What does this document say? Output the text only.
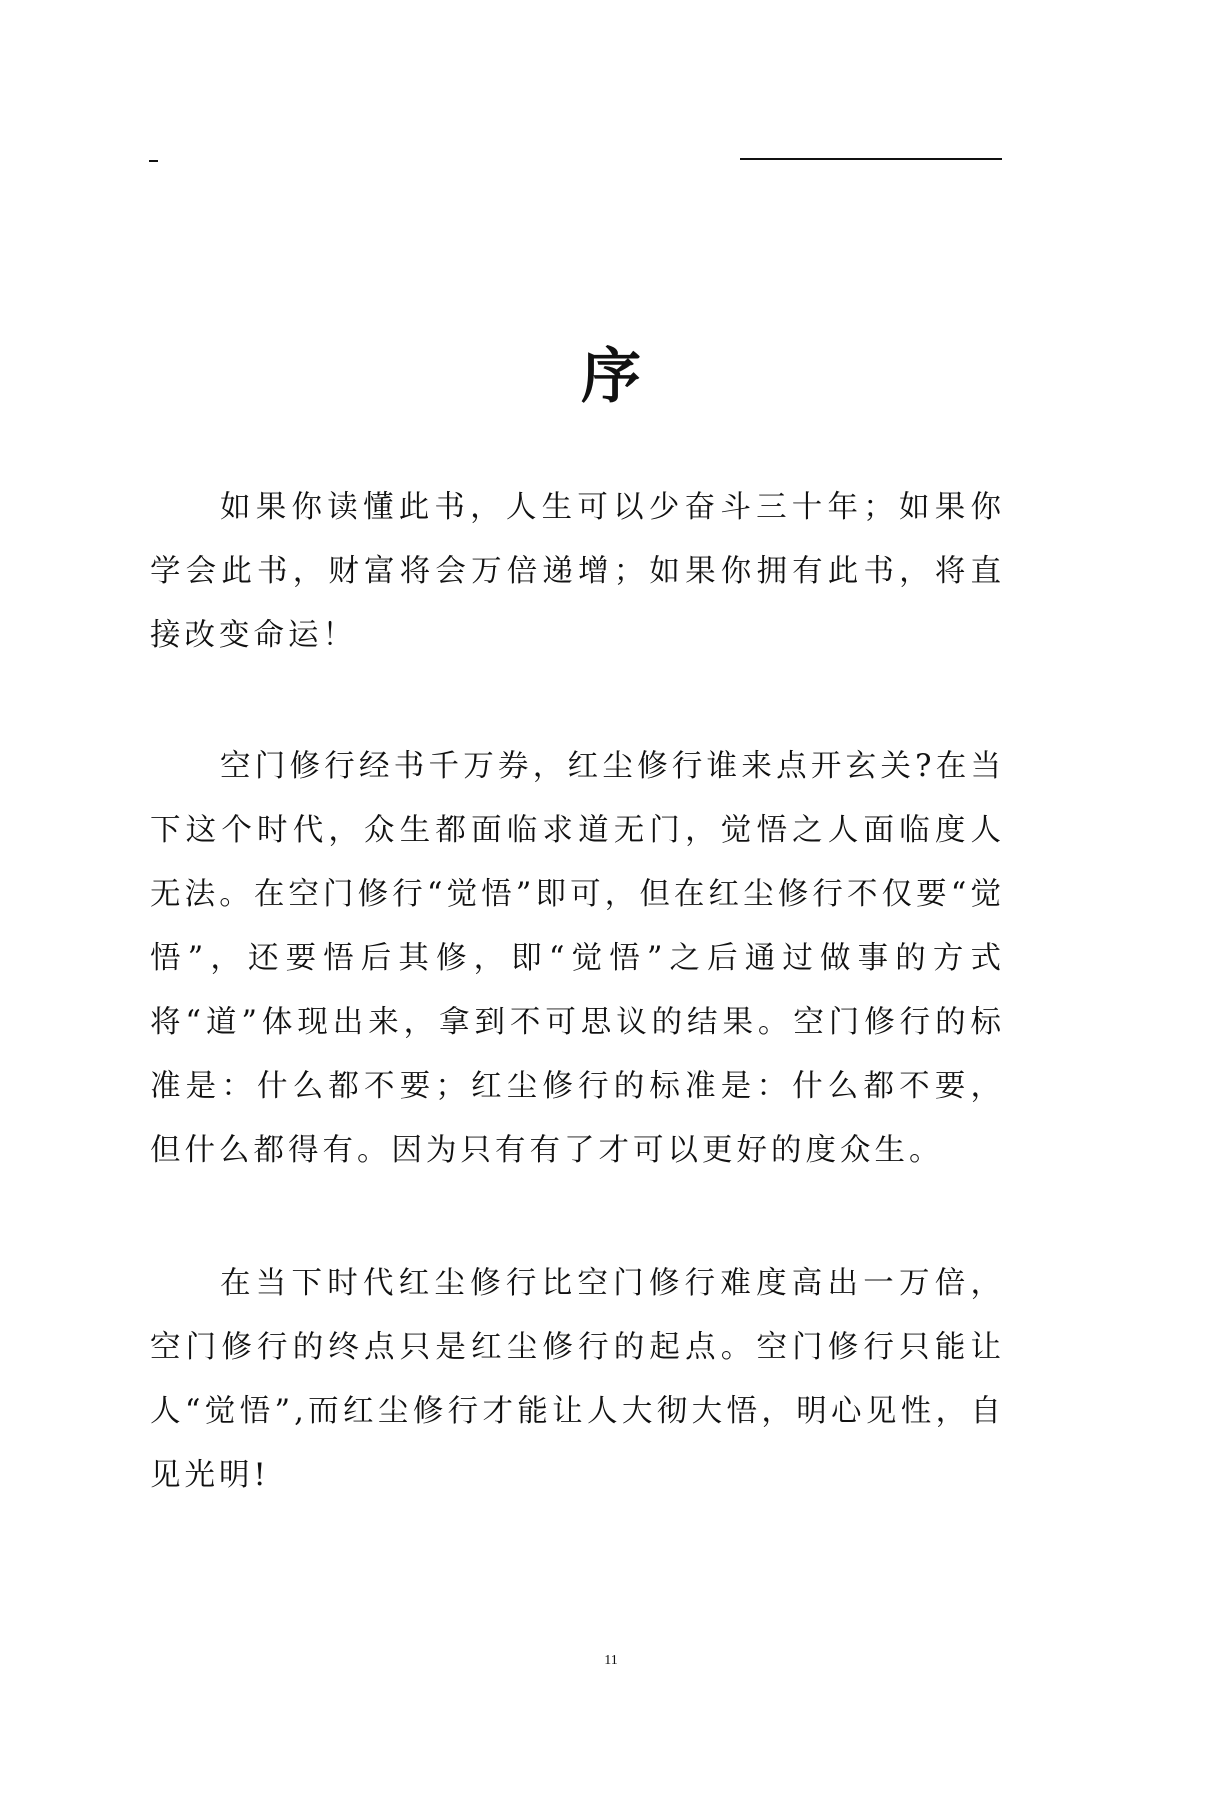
序

如果你读懂此书，人生可以少奋斗三十年；如果你学会此书，财富将会万倍递增；如果你拥有此书，将直接改变命运！

空门修行经书千万券，红尘修行谁来点开玄关?在当下这个时代，众生都面临求道无门，觉悟之人面临度人无法。在空门修行“觉悟”即可，但在红尘修行不仅要“觉悟”，还要悟后其修，即“觉悟”之后通过做事的方式将“道”体现出来，拿到不可思议的结果。空门修行的标准是：什么都不要；红尘修行的标准是：什么都不要，但什么都得有。因为只有有了才可以更好的度众生。

在当下时代红尘修行比空门修行难度高出一万倍，空门修行的终点只是红尘修行的起点。空门修行只能让人“觉悟”,而红尘修行才能让人大彻大悟，明心见性，自见光明!

11
